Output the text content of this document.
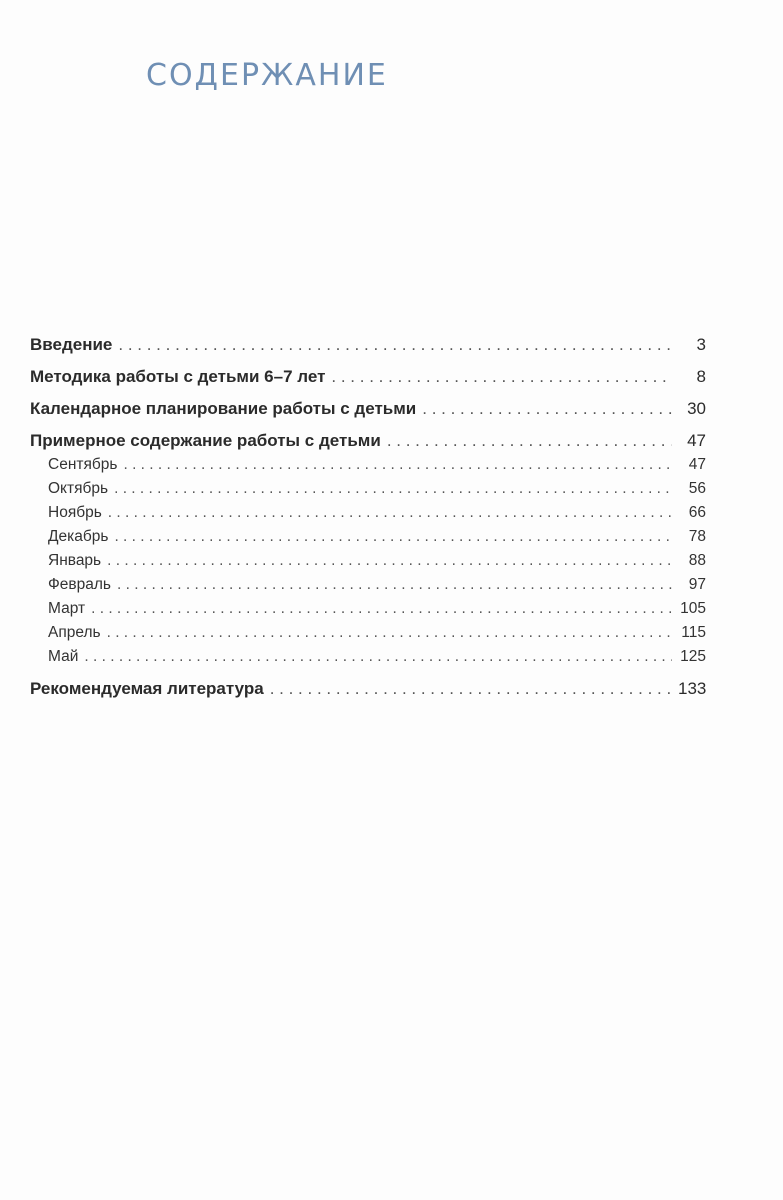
СОДЕРЖАНИЕ
Введение . . .	3
Методика работы с детьми 6–7 лет . . .	8
Календарное планирование работы с детьми . . .	30
Примерное содержание работы с детьми . . .	47
Сентябрь . . .	47
Октябрь . . .	56
Ноябрь . . .	66
Декабрь . . .	78
Январь . . .	88
Февраль . . .	97
Март . . .	105
Апрель . . .	115
Май . . .	125
Рекомендуемая литература . . .	133
